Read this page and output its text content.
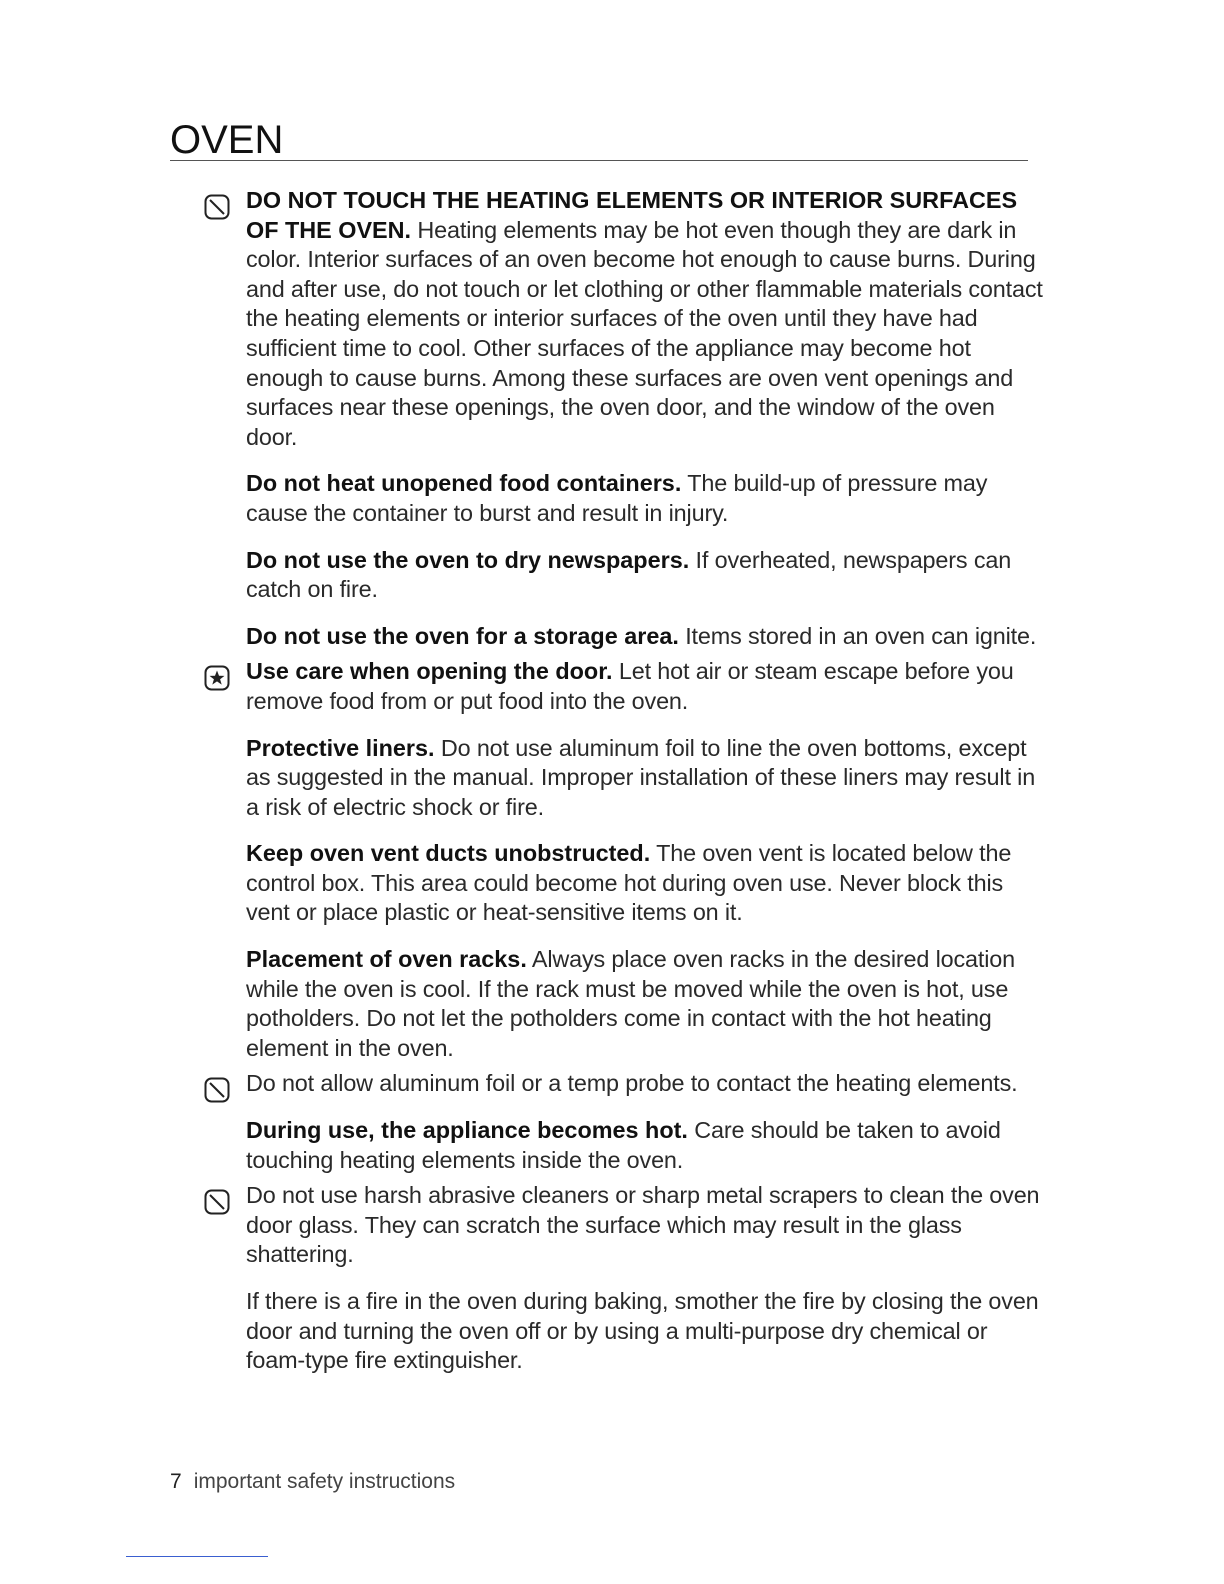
OVEN

DO NOT TOUCH THE HEATING ELEMENTS OR INTERIOR SURFACES OF THE OVEN. Heating elements may be hot even though they are dark in color. Interior surfaces of an oven become hot enough to cause burns. During and after use, do not touch or let clothing or other flammable materials contact the heating elements or interior surfaces of the oven until they have had sufficient time to cool. Other surfaces of the appliance may become hot enough to cause burns. Among these surfaces are oven vent openings and surfaces near these openings, the oven door, and the window of the oven door.

Do not heat unopened food containers. The build-up of pressure may cause the container to burst and result in injury.

Do not use the oven to dry newspapers. If overheated, newspapers can catch on fire.

Do not use the oven for a storage area. Items stored in an oven can ignite.

Use care when opening the door. Let hot air or steam escape before you remove food from or put food into the oven.

Protective liners. Do not use aluminum foil to line the oven bottoms, except as suggested in the manual. Improper installation of these liners may result in a risk of electric shock or fire.

Keep oven vent ducts unobstructed. The oven vent is located below the control box. This area could become hot during oven use. Never block this vent or place plastic or heat-sensitive items on it.

Placement of oven racks. Always place oven racks in the desired location while the oven is cool. If the rack must be moved while the oven is hot, use potholders. Do not let the potholders come in contact with the hot heating element in the oven.

Do not allow aluminum foil or a temp probe to contact the heating elements.

During use, the appliance becomes hot. Care should be taken to avoid touching heating elements inside the oven.

Do not use harsh abrasive cleaners or sharp metal scrapers to clean the oven door glass. They can scratch the surface which may result in the glass shattering.

If there is a fire in the oven during baking, smother the fire by closing the oven door and turning the oven off or by using a multi-purpose dry chemical or foam-type fire extinguisher.

7 important safety instructions
